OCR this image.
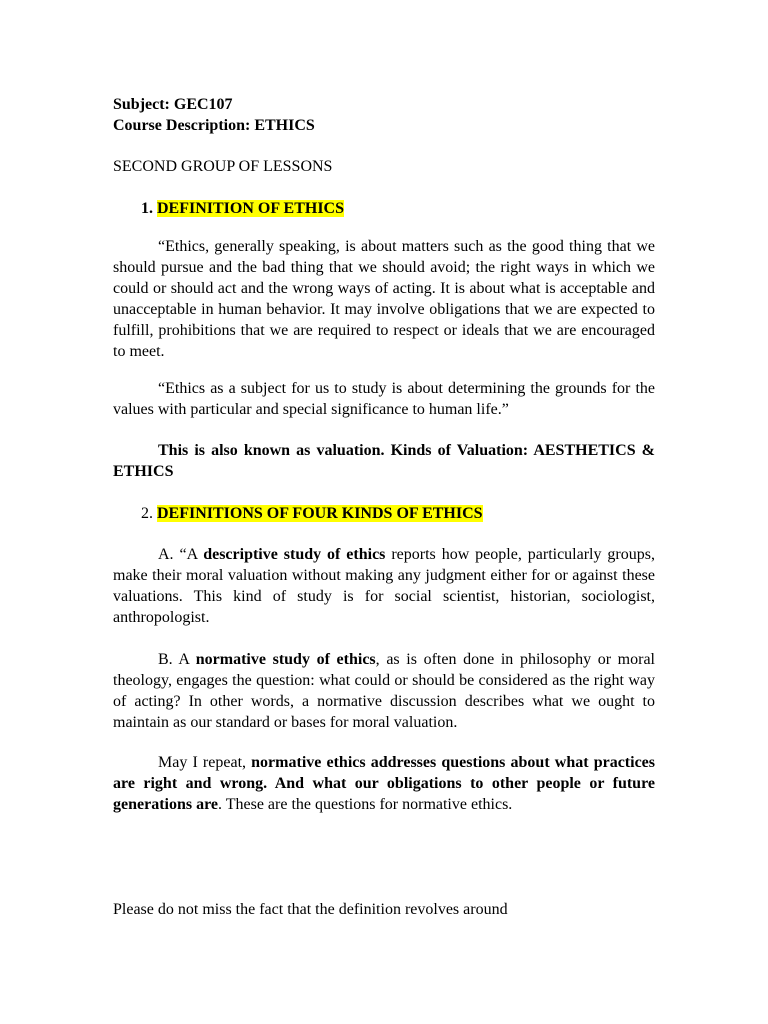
Subject: GEC107

Course Description: ETHICS

SECOND GROUP OF LESSONS

1. DEFINITION OF ETHICS

“Ethics, generally speaking, is about matters such as the good thing that we should pursue and the bad thing that we should avoid; the right ways in which we could or should act and the wrong ways of acting. It is about what is acceptable and unacceptable in human behavior. It may involve obligations that we are expected to fulfill, prohibitions that we are required to respect or ideals that we are encouraged to meet.

“Ethics as a subject for us to study is about determining the grounds for the values with particular and special significance to human life.”

This is also known as valuation. Kinds of Valuation: AESTHETICS & ETHICS

2. DEFINITIONS OF FOUR KINDS OF ETHICS

A. “A descriptive study of ethics reports how people, particularly groups, make their moral valuation without making any judgment either for or against these valuations. This kind of study is for social scientist, historian, sociologist, anthropologist.

B. A normative study of ethics, as is often done in philosophy or moral theology, engages the question: what could or should be considered as the right way of acting? In other words, a normative discussion describes what we ought to maintain as our standard or bases for moral valuation.

May I repeat, normative ethics addresses questions about what practices are right and wrong. And what our obligations to other people or future generations are. These are the questions for normative ethics.

Please do not miss the fact that the definition revolves around
